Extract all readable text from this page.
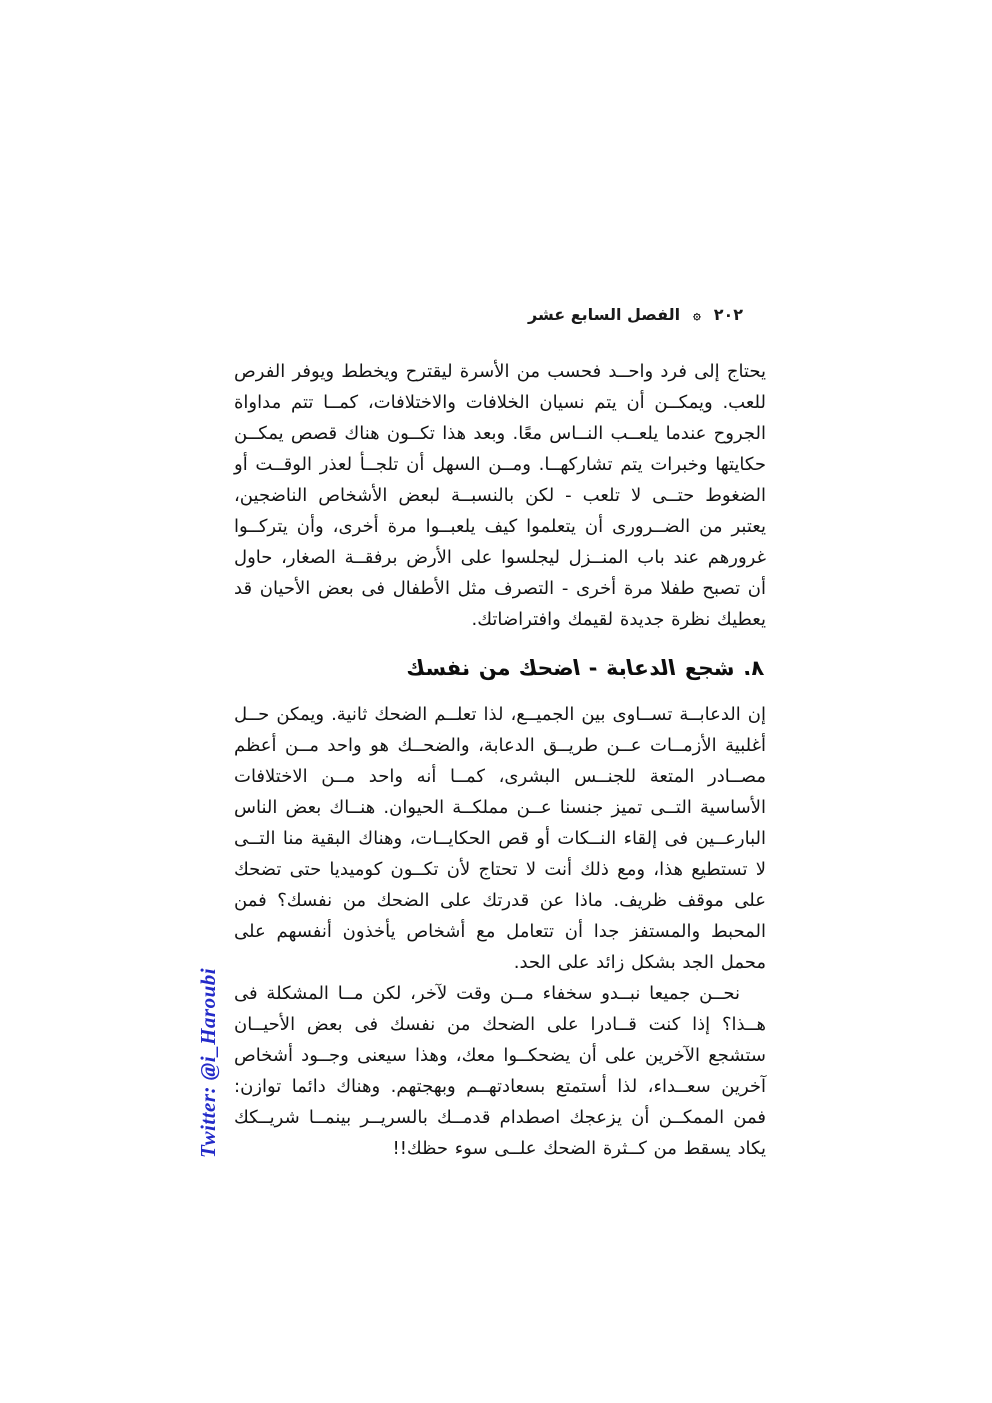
٢٠٢
۞
الفصل السابع عشر

يحتاج إلى فرد واحــد فحسب من الأسرة ليقترح ويخطط ويوفر الفرص للعب. ويمكــن أن يتم نسيان الخلافات والاختلافات، كمــا تتم مداواة الجروح عندما يلعــب النــاس معًا. وبعد هذا تكــون هناك قصص يمكــن حكايتها وخبرات يتم تشاركهــا. ومــن السهل أن تلجــأ لعذر الوقــت أو الضغوط حتــى لا تلعب - لكن بالنسبــة لبعض الأشخاص الناضجين، يعتبر من الضــرورى أن يتعلموا كيف يلعبــوا مرة أخرى، وأن يتركــوا غرورهم عند باب المنــزل ليجلسوا على الأرض برفقــة الصغار، حاول أن تصبح طفلا مرة أخرى - التصرف مثل الأطفال فى بعض الأحيان قد يعطيك نظرة جديدة لقيمك وافتراضاتك.

٨. شجع الدعابة - اضحك من نفسك

إن الدعابــة تســاوى بين الجميــع، لذا تعلــم الضحك ثانية. ويمكن حــل أغلبية الأزمــات عــن طريــق الدعابة، والضحــك هو واحد مــن أعظم مصــادر المتعة للجنــس البشرى، كمــا أنه واحد مــن الاختلافات الأساسية التــى تميز جنسنا عــن مملكــة الحيوان. هنــاك بعض الناس البارعــين فى إلقاء النــكات أو قص الحكايــات، وهناك البقية منا التــى لا تستطيع هذا، ومع ذلك أنت لا تحتاج لأن تكــون كوميديا حتى تضحك على موقف ظريف. ماذا عن قدرتك على الضحك من نفسك؟ فمن المحبط والمستفز جدا أن تتعامل مع أشخاص يأخذون أنفسهم على محمل الجد بشكل زائد على الحد.

نحــن جميعا نبــدو سخفاء مــن وقت لآخر، لكن مــا المشكلة فى هــذا؟ إذا كنت قــادرا على الضحك من نفسك فى بعض الأحيــان ستشجع الآخرين على أن يضحكــوا معك، وهذا سيعنى وجــود أشخاص آخرين سعــداء، لذا أستمتع بسعادتهــم وبهجتهم. وهناك دائما توازن: فمن الممكــن أن يزعجك اصطدام قدمــك بالسريــر بينمــا شريــكك يكاد يسقط من كــثرة الضحك علــى سوء حظك!!

Twitter: @i_Haroubi
